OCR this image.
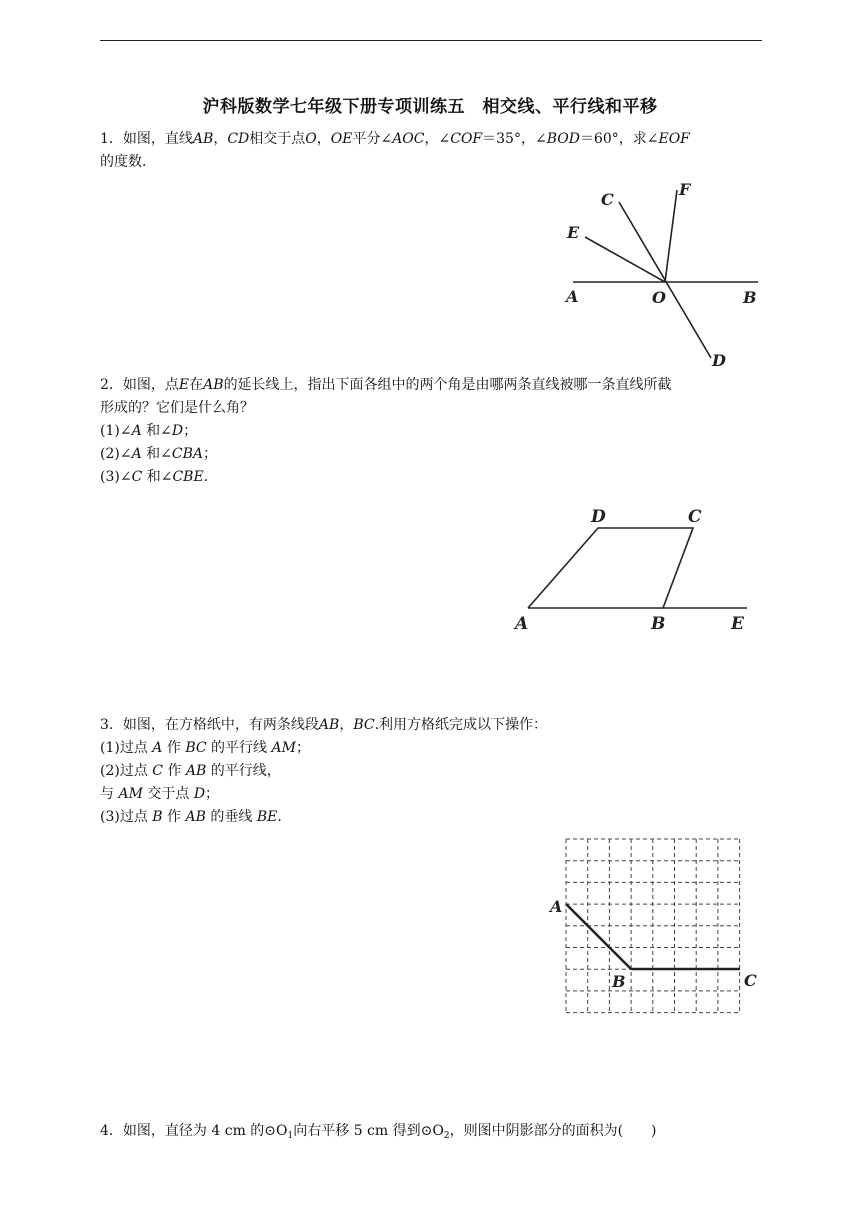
沪科版数学七年级下册专项训练五　相交线、平行线和平移
1．如图，直线AB，CD相交于点O，OE平分∠AOC，∠COF＝35°，∠BOD＝60°，求∠EOF
的度数．
C
F
E
A	O	B
D
2．如图，点E在AB的延长线上，指出下面各组中的两个角是由哪两条直线被哪一条直线所截
形成的？它们是什么角？
(1)∠A 和∠D；
(2)∠A 和∠CBA；
(3)∠C 和∠CBE.
D	C
A	B	E
3．如图，在方格纸中，有两条线段AB，BC.利用方格纸完成以下操作：
(1)过点 A 作 BC 的平行线 AM；
(2)过点 C 作 AB 的平行线，
与 AM 交于点 D；
(3)过点 B 作 AB 的垂线 BE.
A
B	C
4．如图，直径为 4 cm 的$⊙O_1$向右平移 5 cm 得到$⊙O_2$，则图中阴影部分的面积为(　　)
